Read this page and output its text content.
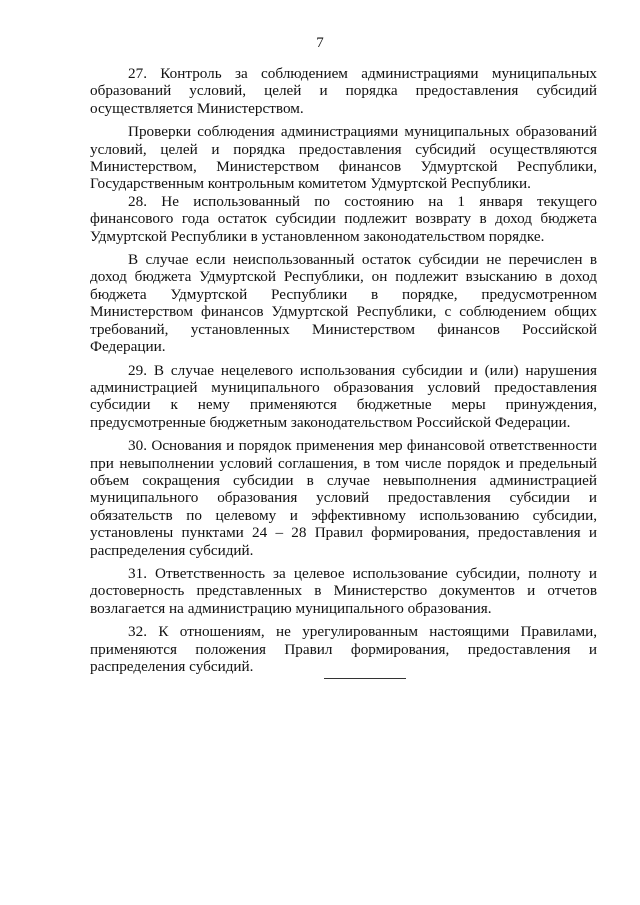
7

27. Контроль за соблюдением администрациями муниципальных образований условий, целей и порядка предоставления субсидий осуществляется Министерством.

Проверки соблюдения администрациями муниципальных образований условий, целей и порядка предоставления субсидий осуществляются Министерством, Министерством финансов Удмуртской Республики, Государственным контрольным комитетом Удмуртской Республики.

28. Не использованный по состоянию на 1 января текущего финансового года остаток субсидии подлежит возврату в доход бюджета Удмуртской Республики в установленном законодательством порядке.

В случае если неиспользованный остаток субсидии не перечислен в доход бюджета Удмуртской Республики, он подлежит взысканию в доход бюджета Удмуртской Республики в порядке, предусмотренном Министерством финансов Удмуртской Республики, с соблюдением общих требований, установленных Министерством финансов Российской Федерации.

29. В случае нецелевого использования субсидии и (или) нарушения администрацией муниципального образования условий предоставления субсидии к нему применяются бюджетные меры принуждения, предусмотренные бюджетным законодательством Российской Федерации.

30. Основания и порядок применения мер финансовой ответственности при невыполнении условий соглашения, в том числе порядок и предельный объем сокращения субсидии в случае невыполнения администрацией муниципального образования условий предоставления субсидии и обязательств по целевому и эффективному использованию субсидии, установлены пунктами 24 – 28 Правил формирования, предоставления и распределения субсидий.

31. Ответственность за целевое использование субсидии, полноту и достоверность представленных в Министерство документов и отчетов возлагается на администрацию муниципального образования.

32. К отношениям, не урегулированным настоящими Правилами, применяются положения Правил формирования, предоставления и распределения субсидий.
